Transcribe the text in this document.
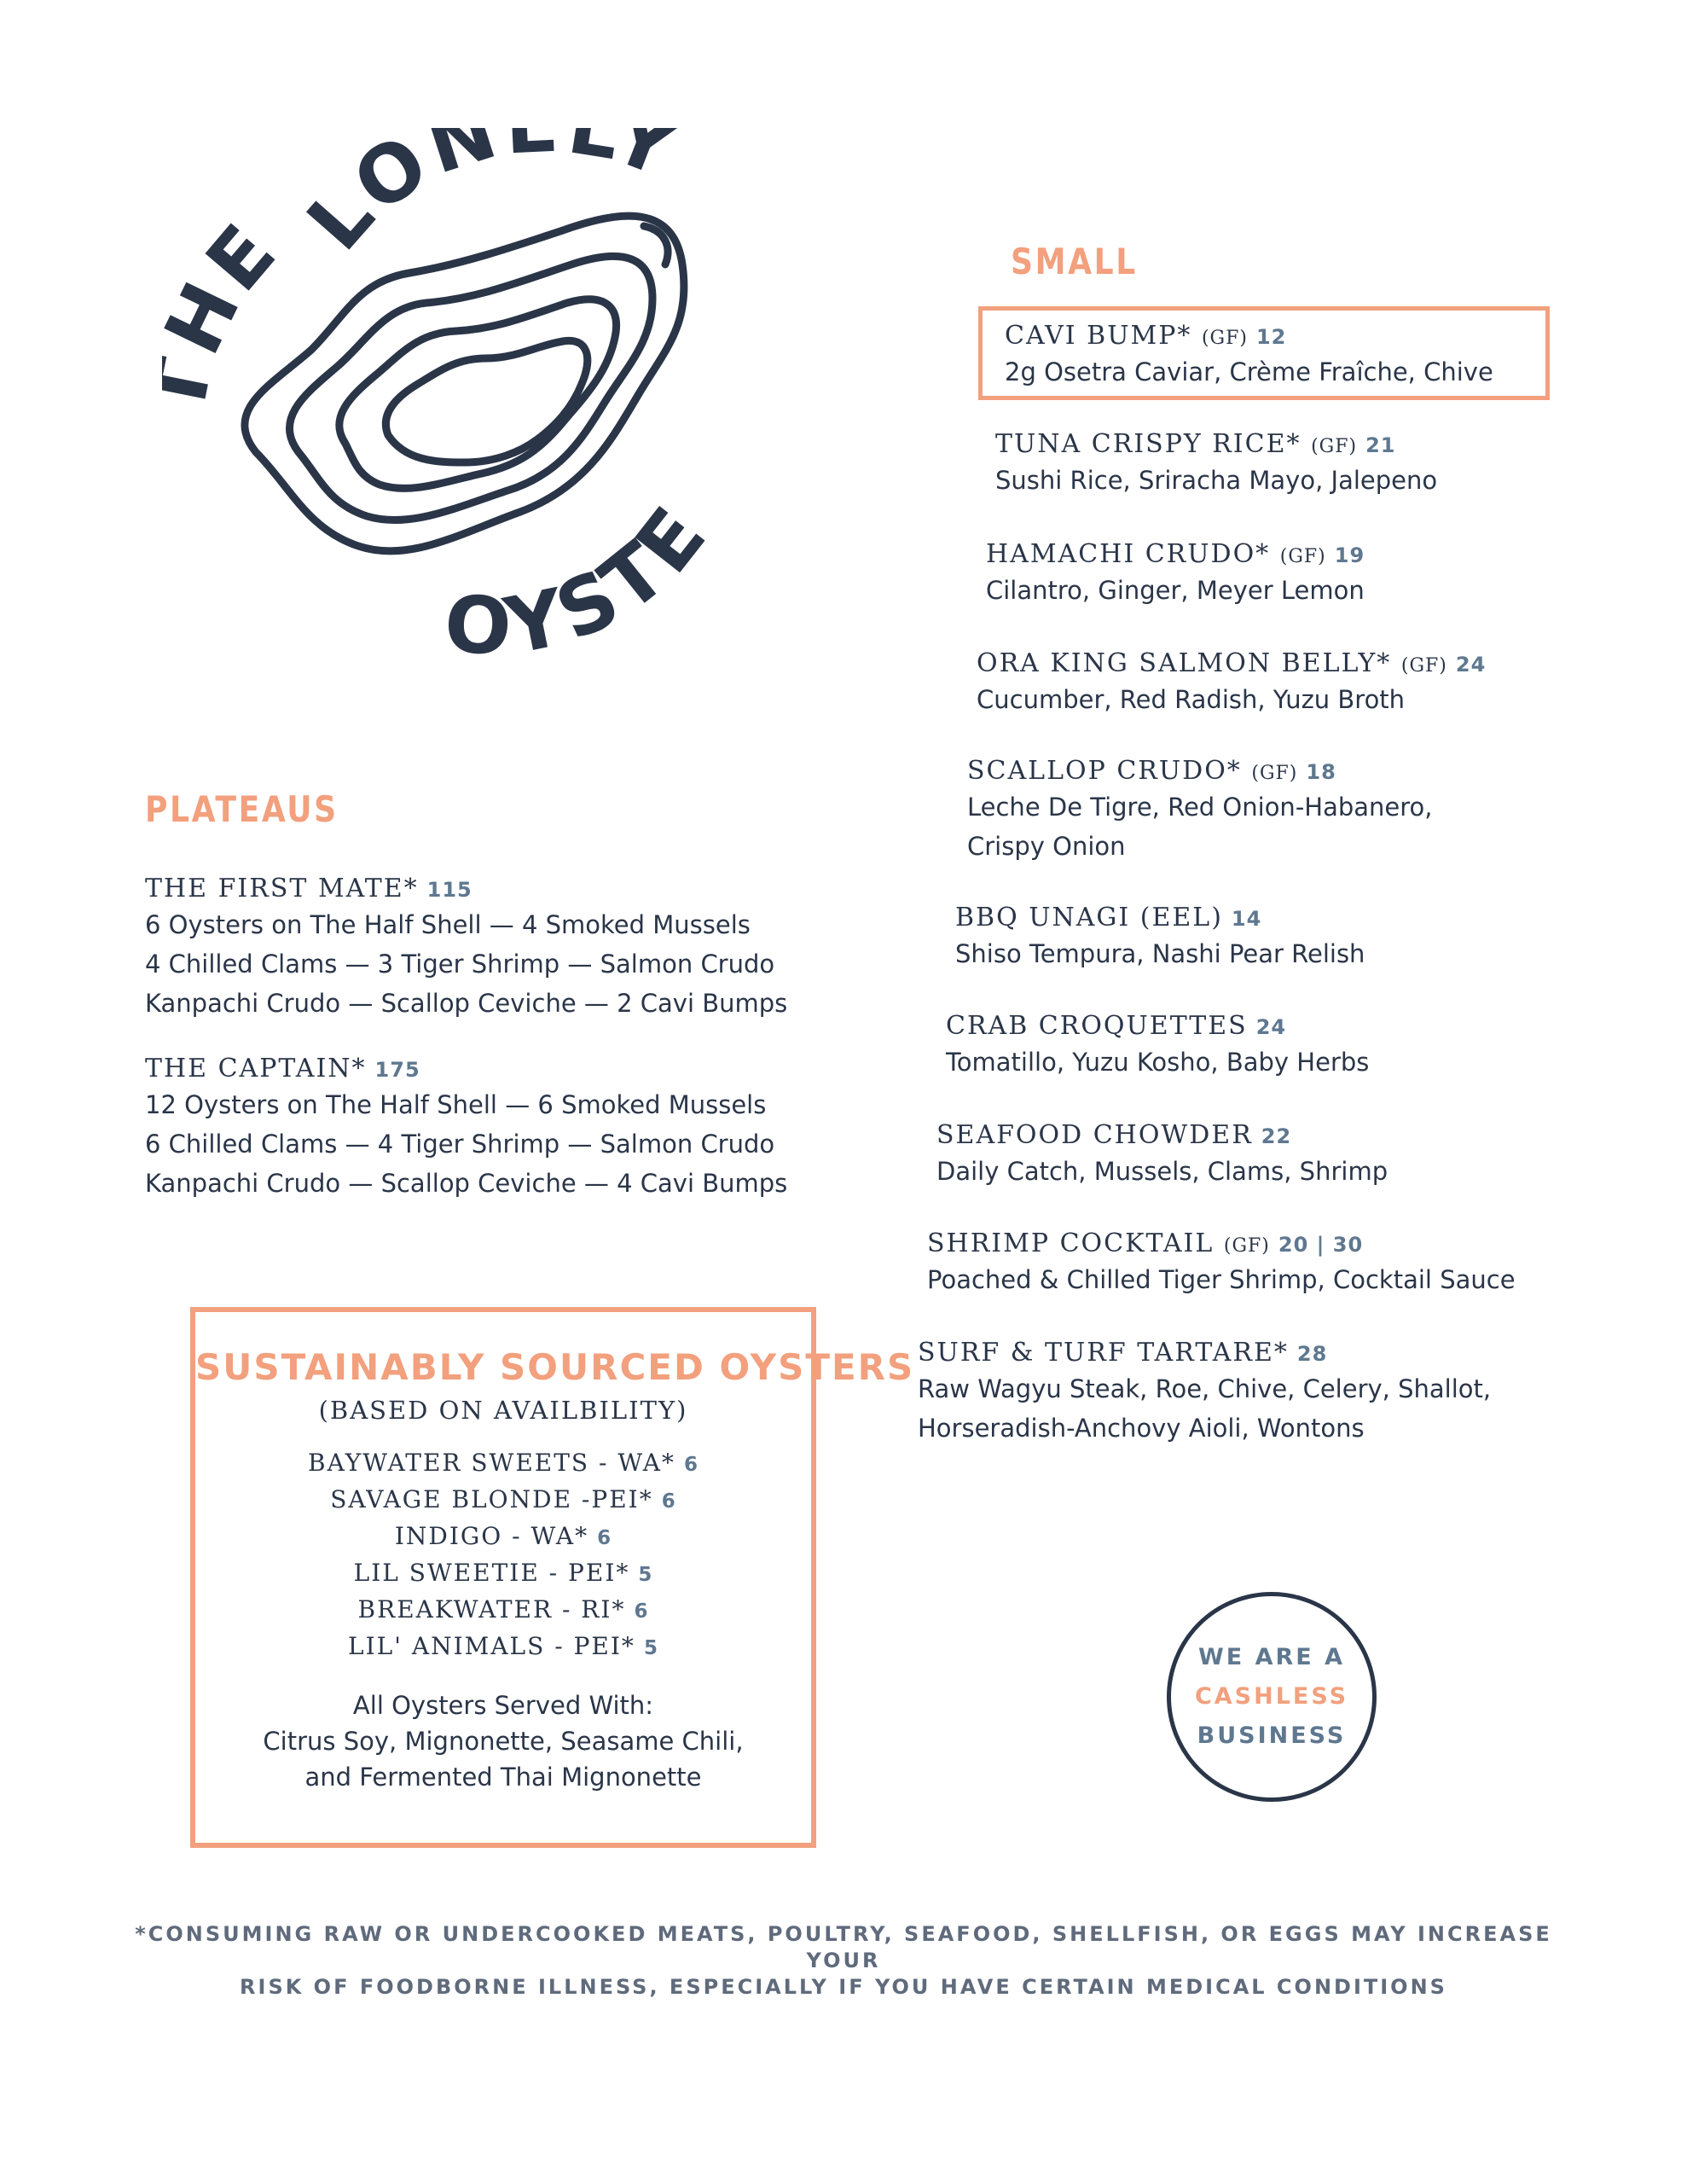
E
LON LY
OYSTE
SMALL
CAVI BUMP* (GF) 12
2g Osetra Caviar, Crème Fraîche, Chive
TUNA CRISPY RICE* (GF) 21
Sushi Rice, Sriracha Mayo, Jalepeno
HAMACHI CRUDO* (GF) 19
Cilantro, Ginger, Meyer Lemon
ORA KING SALMON BELLY* (GF) 24
Cucumber, Red Radish, Yuzu Broth
SCALLOP CRUDO* (GF) 18
Leche De Tigre, Red Onion-Habanero,
Crispy Onion
BBQ UNAGI (EEL) 14
Shiso Tempura, Nashi Pear Relish
CRAB CROQUETTES 24
Tomatillo, Yuzu Kosho, Baby Herbs
SEAFOOD CHOWDER 22
Daily Catch, Mussels, Clams, Shrimp
SHRIMP COCKTAIL (GF) 20 | 30
Poached & Chilled Tiger Shrimp, Cocktail Sauce
SURF & TURF TARTARE* 28
Raw Wagyu Steak, Roe, Chive, Celery, Shallot,
Horseradish-Anchovy Aioli, Wontons
PLATEAUS
THE FIRST MATE* 115
6 Oysters on The Half Shell — 4 Smoked Mussels
4 Chilled Clams — 3 Tiger Shrimp — Salmon Crudo
Kanpachi Crudo — Scallop Ceviche — 2 Cavi Bumps
THE CAPTAIN* 175
12 Oysters on The Half Shell — 6 Smoked Mussels
6 Chilled Clams — 4 Tiger Shrimp — Salmon Crudo
Kanpachi Crudo — Scallop Ceviche — 4 Cavi Bumps
SUSTAINABLY SOURCED OYSTERS
(BASED ON AVAILBILITY)
BAYWATER SWEETS - WA* 6
SAVAGE BLONDE -PEI* 6
INDIGO - WA* 6
LIL SWEETIE - PEI* 5
BREAKWATER - RI* 6
LIL' ANIMALS - PEI* 5
All Oysters Served With:
Citrus Soy, Mignonette, Seasame Chili,
and Fermented Thai Mignonette
WE ARE A
CASHLESS
BUSINESS
*CONSUMING RAW OR UNDERCOOKED MEATS, POULTRY, SEAFOOD, SHELLFISH, OR EGGS MAY INCREASE YOUR
RISK OF FOODBORNE ILLNESS, ESPECIALLY IF YOU HAVE CERTAIN MEDICAL CONDITIONS
